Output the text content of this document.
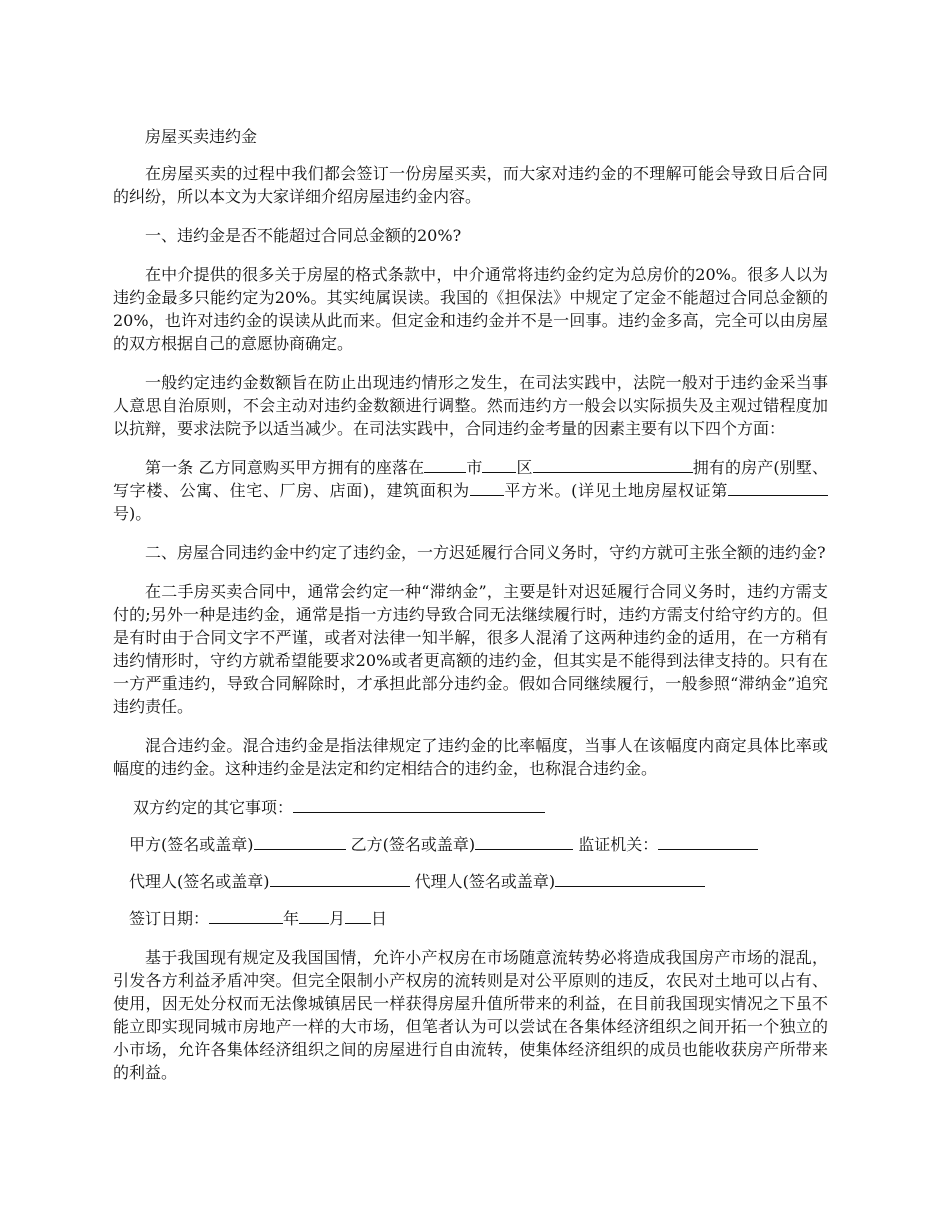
房屋买卖违约金
在房屋买卖的过程中我们都会签订一份房屋买卖，而大家对违约金的不理解可能会导致日后合同的纠纷，所以本文为大家详细介绍房屋违约金内容。
一、违约金是否不能超过合同总金额的20%?
在中介提供的很多关于房屋的格式条款中，中介通常将违约金约定为总房价的20%。很多人以为违约金最多只能约定为20%。其实纯属误读。我国的《担保法》中规定了定金不能超过合同总金额的20%，也许对违约金的误读从此而来。但定金和违约金并不是一回事。违约金多高，完全可以由房屋的双方根据自己的意愿协商确定。
一般约定违约金数额旨在防止出现违约情形之发生，在司法实践中，法院一般对于违约金采当事人意思自治原则，不会主动对违约金数额进行调整。然而违约方一般会以实际损失及主观过错程度加以抗辩，要求法院予以适当减少。在司法实践中，合同违约金考量的因素主要有以下四个方面：
第一条 乙方同意购买甲方拥有的座落在	市 区	拥有的房产(别墅、写字楼、公寓、住宅、厂房、店面)，建筑面积为 平方米。(详见土地房屋权证第号)。
二、房屋合同违约金中约定了违约金，一方迟延履行合同义务时，守约方就可主张全额的违约金?
在二手房买卖合同中，通常会约定一种“滞纳金”，主要是针对迟延履行合同义务时，违约方需支付的;另外一种是违约金，通常是指一方违约导致合同无法继续履行时，违约方需支付给守约方的。但是有时由于合同文字不严谨，或者对法律一知半解，很多人混淆了这两种违约金的适用，在一方稍有违约情形时，守约方就希望能要求20%或者更高额的违约金，但其实是不能得到法律支持的。只有在一方严重违约，导致合同解除时，才承担此部分违约金。假如合同继续履行，一般参照“滞纳金”追究违约责任。
混合违约金。混合违约金是指法律规定了违约金的比率幅度，当事人在该幅度内商定具体比率或幅度的违约金。这种违约金是法定和约定相结合的违约金，也称混合违约金。
双方约定的其它事项：
甲方(签名或盖章)	乙方(签名或盖章)	监证机关：
代理人(签名或盖章)	代理人(签名或盖章)
签订日期：	年 月 日
基于我国现有规定及我国国情，允许小产权房在市场随意流转势必将造成我国房产市场的混乱，引发各方利益矛盾冲突。但完全限制小产权房的流转则是对公平原则的违反，农民对土地可以占有、使用，因无处分权而无法像城镇居民一样获得房屋升值所带来的利益，在目前我国现实情况之下虽不能立即实现同城市房地产一样的大市场，但笔者认为可以尝试在各集体经济组织之间开拓一个独立的小市场，允许各集体经济组织之间的房屋进行自由流转，使集体经济组织的成员也能收获房产所带来的利益。
